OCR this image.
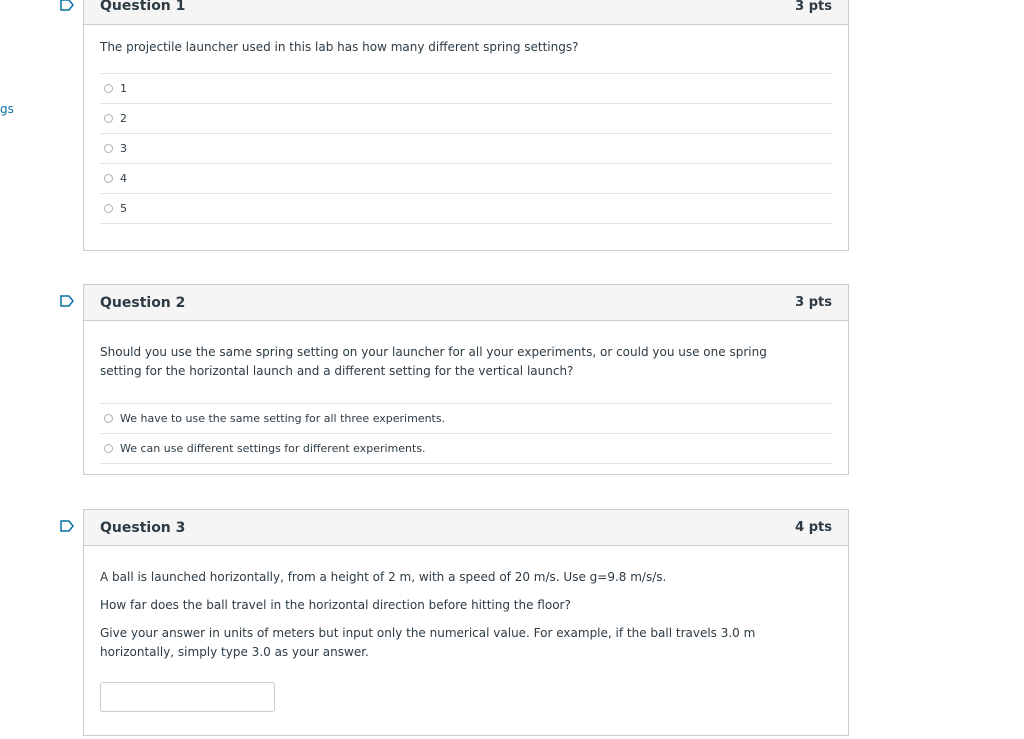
gs
Question 1	3 pts

The projectile launcher used in this lab has how many different spring settings?

1
2
3
4
5
Question 2	3 pts

Should you use the same spring setting on your launcher for all your experiments, or could you use one spring setting for the horizontal launch and a different setting for the vertical launch?

We have to use the same setting for all three experiments.
We can use different settings for different experiments.
Question 3	4 pts

A ball is launched horizontally, from a height of 2 m, with a speed of 20 m/s. Use g=9.8 m/s/s.

How far does the ball travel in the horizontal direction before hitting the floor?

Give your answer in units of meters but input only the numerical value. For example, if the ball travels 3.0 m horizontally, simply type 3.0 as your answer.
